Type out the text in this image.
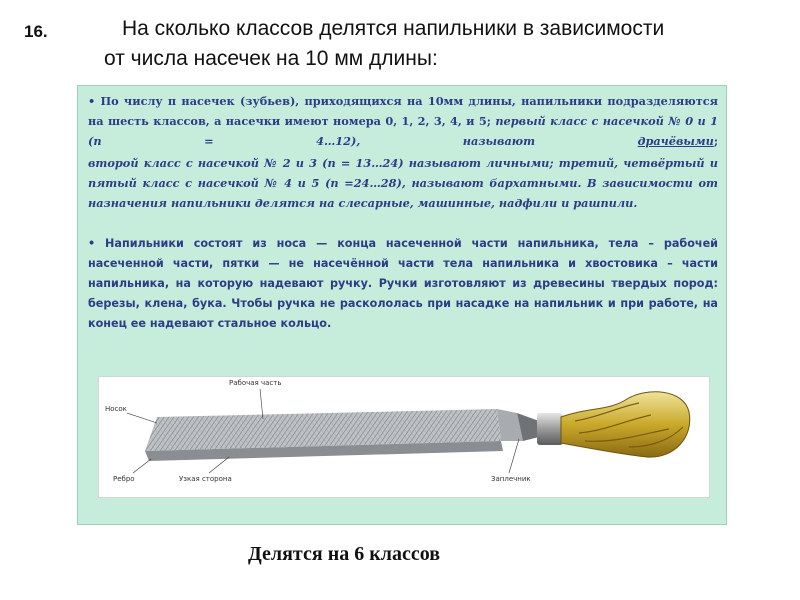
16.	На сколько классов делятся напильники в зависимости
от числа насечек на 10 мм длины:
• По числу п насечек (зубьев), приходящихся на 10мм длины, напильники подразделяются на шесть классов, а насечки имеют номера 0, 1, 2, 3, 4, и 5; первый класс с насечкой № 0 и 1 (n = 4…12), называют	драчёвыми;
второй класс с насечкой № 2 и 3 (n = 13…24) называют личными; третий, четвёртый и пятый класс с насечкой № 4 и 5 (n =24…28), называют бархатными. В зависимости от назначения напильники делятся на слесарные, машинные, надфили и рашпили.
• Напильники состоят из носа — конца насеченной части напильника, тела – рабочей насеченной части, пятки — не насечённой части тела напильника и хвостовика – части напильника, на которую надевают ручку. Ручки изготовляют из древесины твердых пород: березы, клена, бука. Чтобы ручка не раскололась при насадке на напильник и при работе, на конец ее надевают стальное кольцо.
Рабочая часть
Носок
Ребро	Узкая сторона	Заплечник
Делятся на 6 классов
